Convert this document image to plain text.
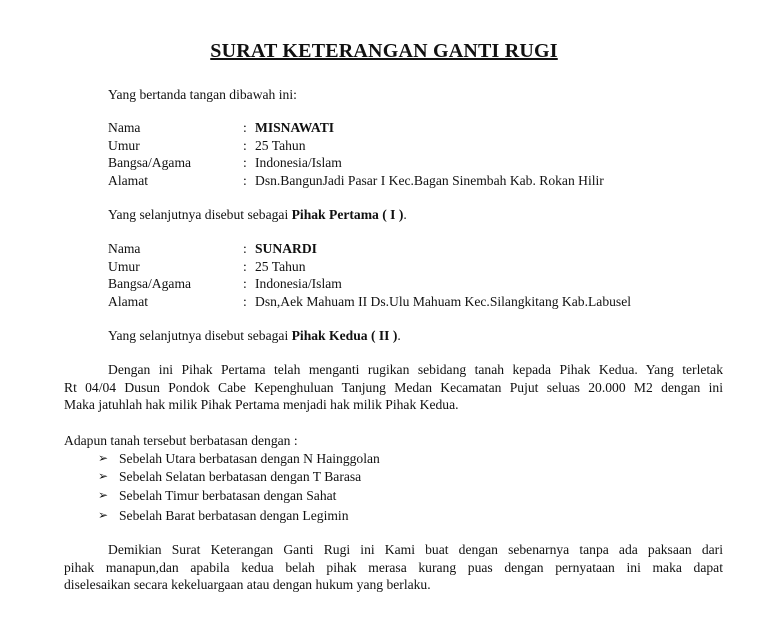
SURAT KETERANGAN GANTI RUGI
Yang bertanda tangan dibawah ini:
Nama	: MISNAWATI
Umur	: 25 Tahun
Bangsa/Agama	: Indonesia/Islam
Alamat	: Dsn.BangunJadi Pasar I Kec.Bagan Sinembah Kab. Rokan Hilir
Yang selanjutnya disebut sebagai Pihak Pertama ( I ).
Nama	: SUNARDI
Umur	: 25 Tahun
Bangsa/Agama	: Indonesia/Islam
Alamat	: Dsn,Aek Mahuam II Ds.Ulu Mahuam Kec.Silangkitang Kab.Labusel
Yang selanjutnya disebut sebagai Pihak Kedua ( II ).
Dengan ini Pihak Pertama telah menganti rugikan sebidang tanah kepada Pihak Kedua. Yang terletak
Rt 04/04 Dusun Pondok Cabe Kepenghuluan Tanjung Medan Kecamatan Pujut seluas 20.000 M2 dengan ini
Maka jatuhlah hak milik Pihak Pertama menjadi hak milik Pihak Kedua.
Adapun tanah tersebut berbatasan dengan :
➢ Sebelah Utara berbatasan dengan N Hainggolan
➢ Sebelah Selatan berbatasan dengan T Barasa
➢ Sebelah Timur berbatasan dengan Sahat
➢ Sebelah Barat berbatasan dengan Legimin
Demikian Surat Keterangan Ganti Rugi ini Kami buat dengan sebenarnya tanpa ada paksaan dari
pihak manapun,dan apabila kedua belah pihak merasa kurang puas dengan pernyataan ini maka dapat
diselesaikan secara kekeluargaan atau dengan hukum yang berlaku.
